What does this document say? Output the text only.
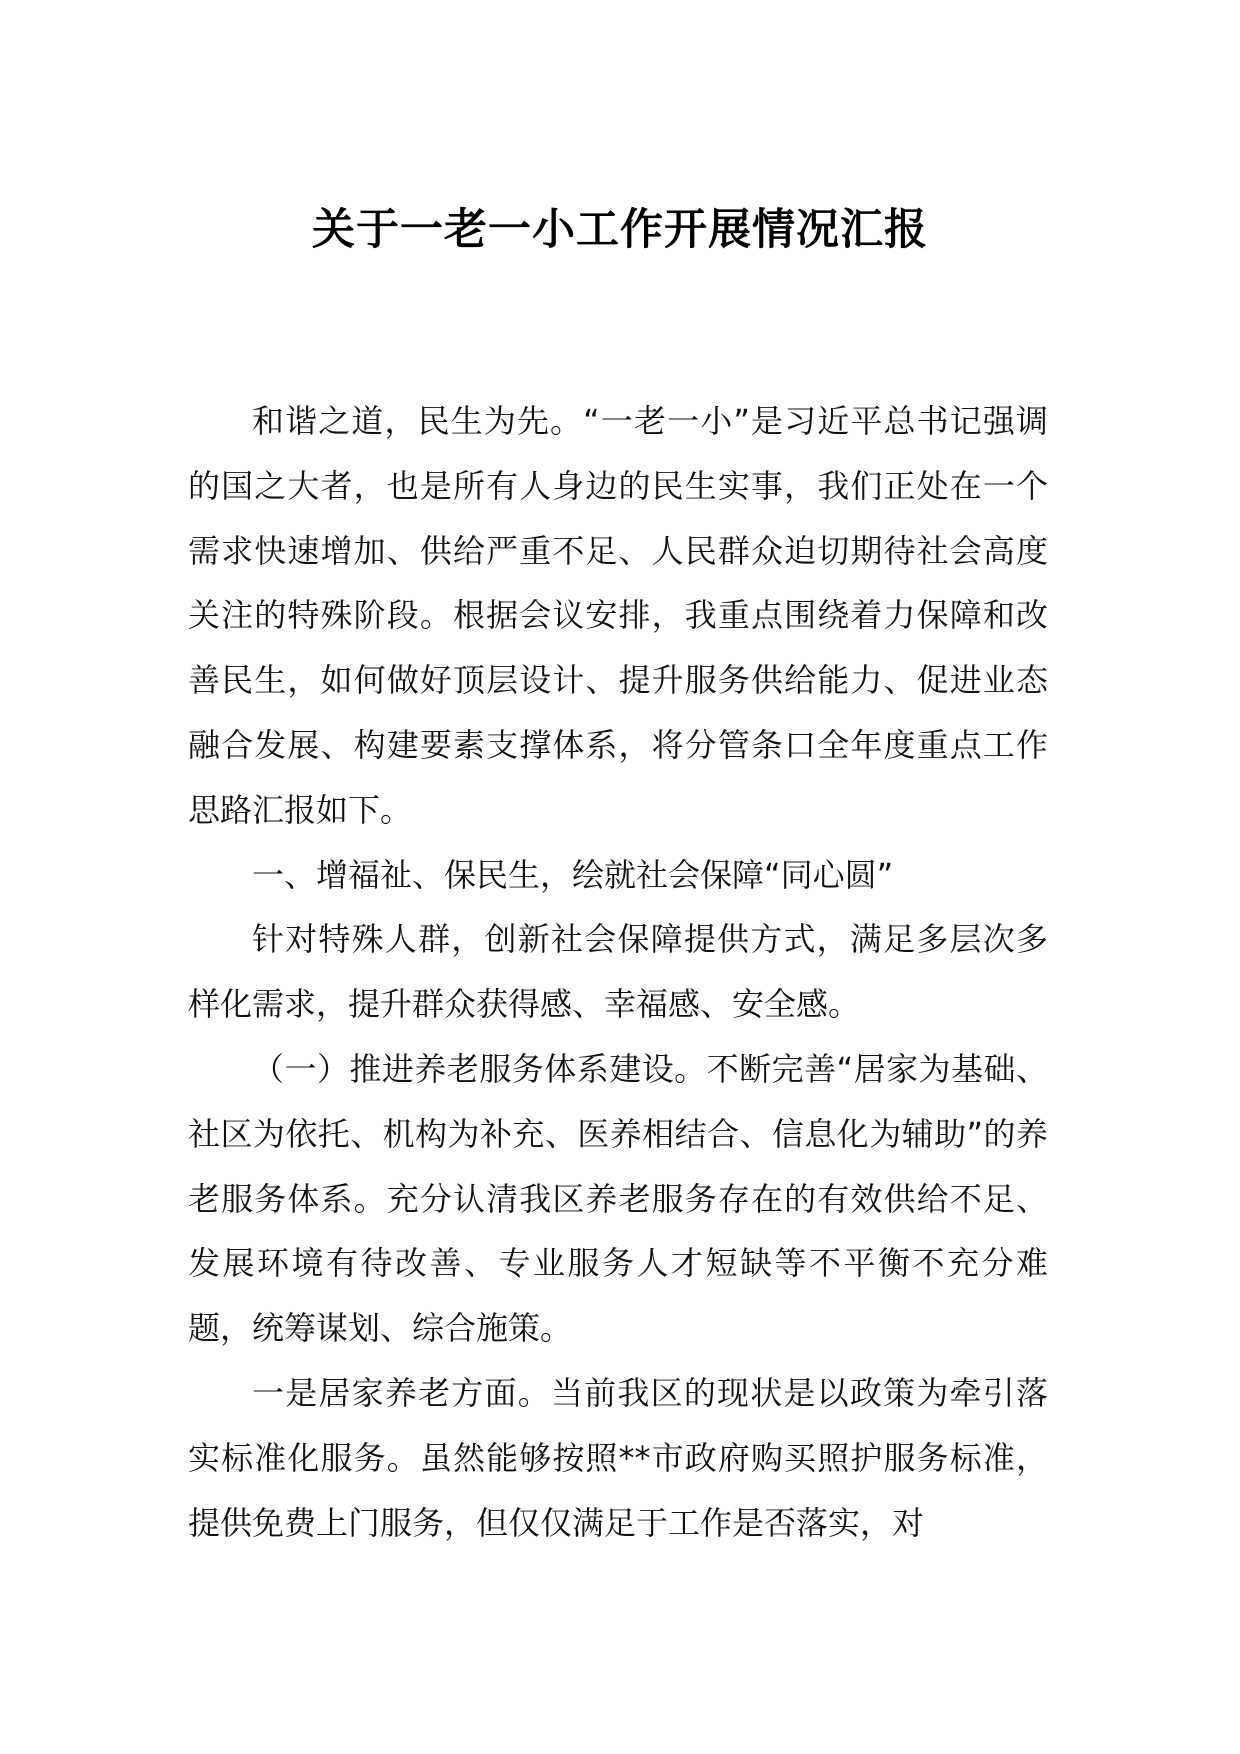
关于一老一小工作开展情况汇报

和谐之道，民生为先。“一老一小”是习近平总书记强调的国之大者，也是所有人身边的民生实事，我们正处在一个需求快速增加、供给严重不足、人民群众迫切期待社会高度关注的特殊阶段。根据会议安排，我重点围绕着力保障和改善民生，如何做好顶层设计、提升服务供给能力、促进业态融合发展、构建要素支撑体系，将分管条口全年度重点工作思路汇报如下。

一、增福祉、保民生，绘就社会保障“同心圆”

针对特殊人群，创新社会保障提供方式，满足多层次多样化需求，提升群众获得感、幸福感、安全感。

（一）推进养老服务体系建设。不断完善“居家为基础、社区为依托、机构为补充、医养相结合、信息化为辅助”的养老服务体系。充分认清我区养老服务存在的有效供给不足、发展环境有待改善、专业服务人才短缺等不平衡不充分难题，统筹谋划、综合施策。

一是居家养老方面。当前我区的现状是以政策为牵引落实标准化服务。虽然能够按照**市政府购买照护服务标准，提供免费上门服务，但仅仅满足于工作是否落实，对
